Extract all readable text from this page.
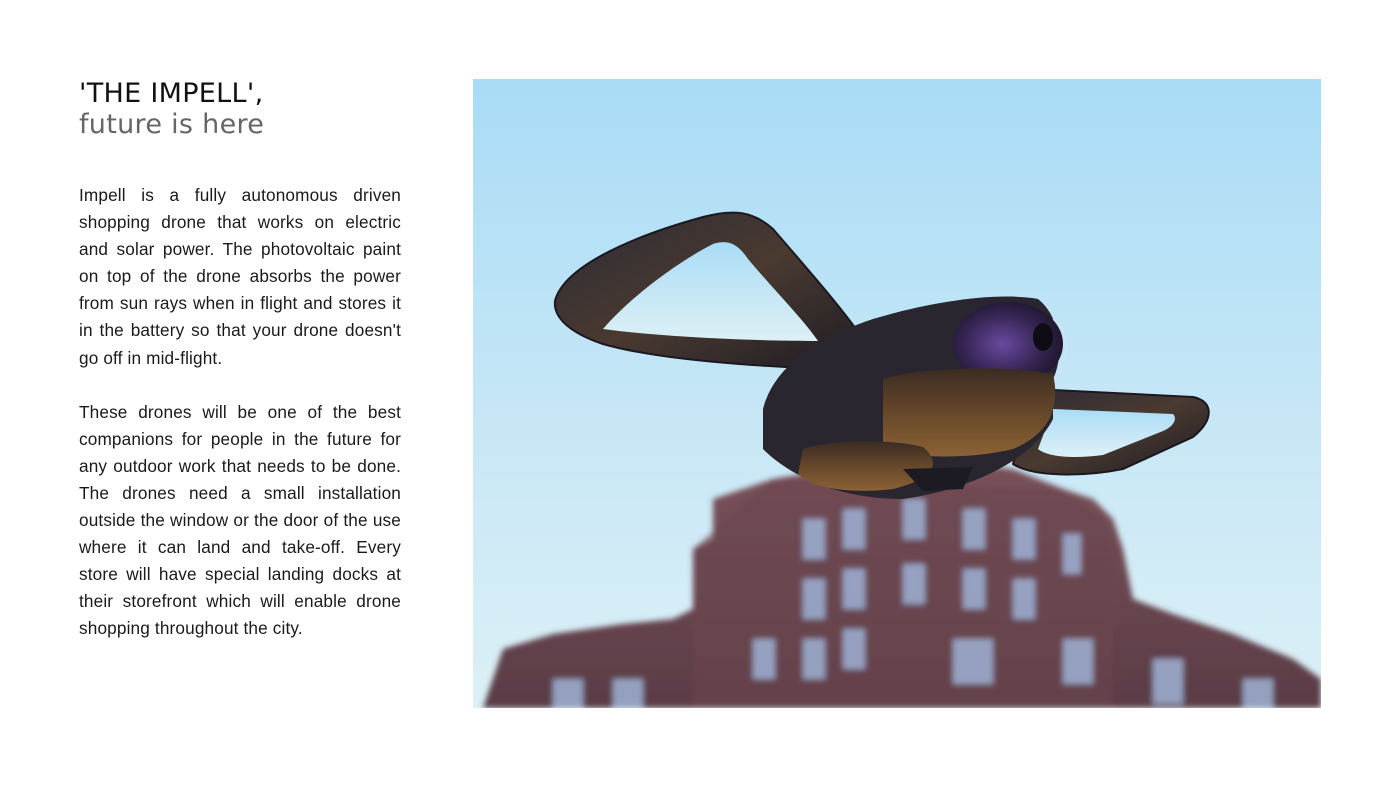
'THE IMPELL',
future is here

Impell is a fully autonomous driven shopping drone that works on electric and solar power. The photovoltaic paint on top of the drone absorbs the power from sun rays when in flight and stores it in the battery so that your drone doesn't go off in mid-flight.

These drones will be one of the best companions for people in the future for any outdoor work that needs to be done. The drones need a small installation outside the window or the door of the use where it can land and take-off. Every store will have special landing docks at their storefront which will enable drone shopping throughout the city.
